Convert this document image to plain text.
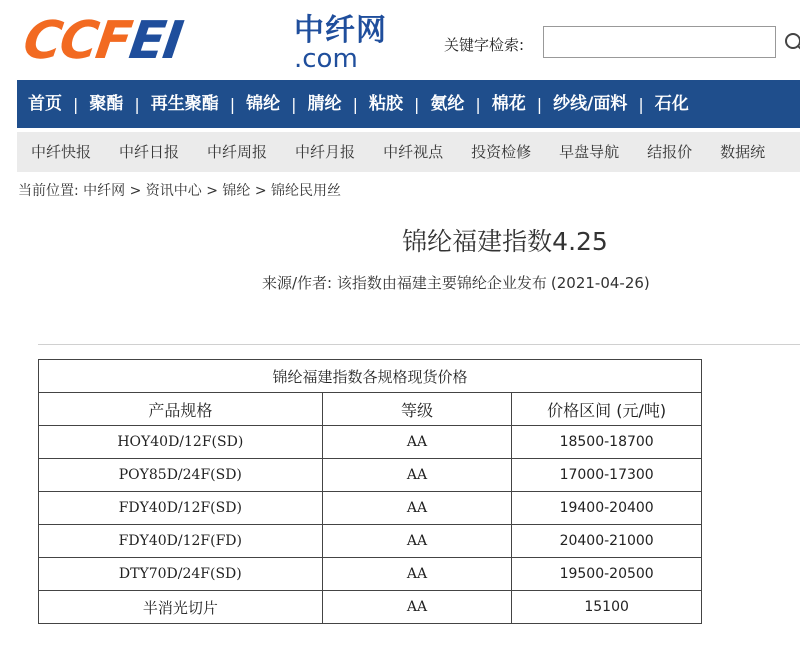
CCFEI	中纤网
.com	关键字检索:
首页 | 聚酯 | 再生聚酯 | 锦纶 | 腈纶 | 粘胶 | 氨纶 | 棉花 | 纱线/面料 | 石化
中纤快报	中纤日报	中纤周报	中纤月报	中纤视点	投资检修	早盘导航	结报价	数据统
当前位置: 中纤网 > 资讯中心 > 锦纶 > 锦纶民用丝
锦纶福建指数4.25
来源/作者: 该指数由福建主要锦纶企业发布 (2021-04-26)
锦纶福建指数各规格现货价格		
产品规格	等级	价格区间 (元/吨)
HOY40D/12F(SD)	AA	18500-18700
POY85D/24F(SD)	AA	17000-17300
FDY40D/12F(SD)	AA	19400-20400
FDY40D/12F(FD)	AA	20400-21000
DTY70D/24F(SD)	AA	19500-20500
半消光切片	AA	15100
